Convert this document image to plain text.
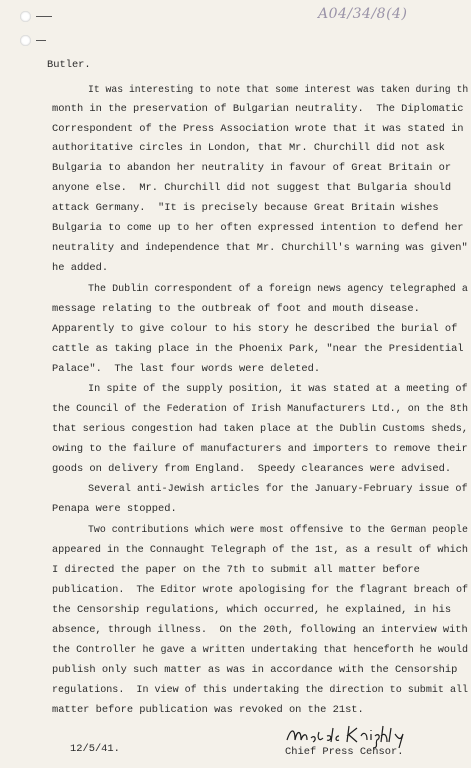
A04/34/8(4)
Butler.
It was interesting to note that some interest was taken during th
month in the preservation of Bulgarian neutrality.  The Diplomatic
Correspondent of the Press Association wrote that it was stated in
authoritative circles in London, that Mr. Churchill did not ask
Bulgaria to abandon her neutrality in favour of Great Britain or
anyone else.  Mr. Churchill did not suggest that Bulgaria should
attack Germany.  "It is precisely because Great Britain wishes
Bulgaria to come up to her often expressed intention to defend her
neutrality and independence that Mr. Churchill's warning was given"
he added.
The Dublin correspondent of a foreign news agency telegraphed a
message relating to the outbreak of foot and mouth disease.
Apparently to give colour to his story he described the burial of
cattle as taking place in the Phoenix Park, "near the Presidential
Palace".  The last four words were deleted.
In spite of the supply position, it was stated at a meeting of
the Council of the Federation of Irish Manufacturers Ltd., on the 8th
that serious congestion had taken place at the Dublin Customs sheds,
owing to the failure of manufacturers and importers to remove their
goods on delivery from England.  Speedy clearances were advised.
Several anti-Jewish articles for the January-February issue of
Penapa were stopped.
Two contributions which were most offensive to the German people
appeared in the Connaught Telegraph of the 1st, as a result of which
I directed the paper on the 7th to submit all matter before
publication.  The Editor wrote apologising for the flagrant breach of
the Censorship regulations, which occurred, he explained, in his
absence, through illness.  On the 20th, following an interview with
the Controller he gave a written undertaking that henceforth he would
publish only such matter as was in accordance with the Censorship
regulations.  In view of this undertaking the direction to submit all
matter before publication was revoked on the 21st.
Chief Press Censor.
12/5/41.
